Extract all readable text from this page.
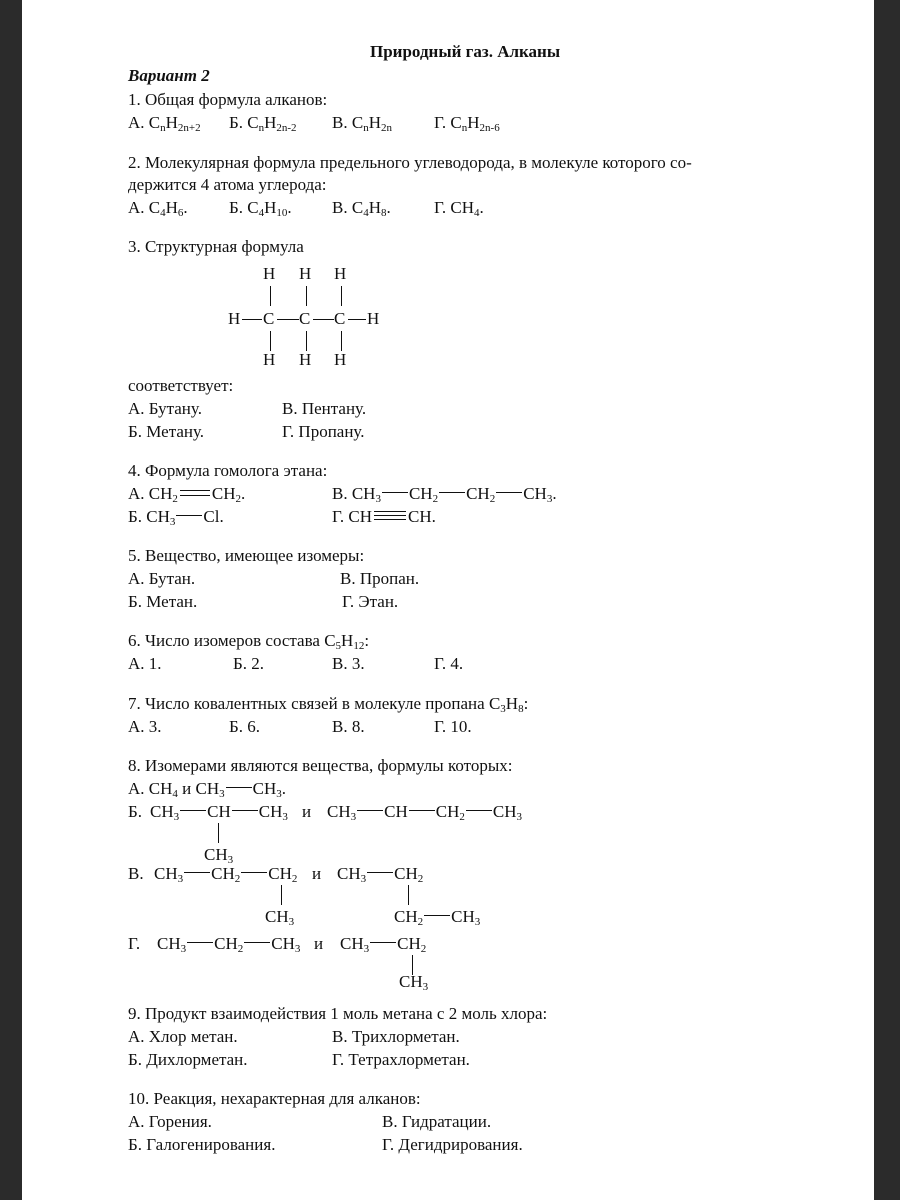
Природный газ. Алканы
Вариант 2
1. Общая формула алканов:
А. $C_nH_{2n+2}$ Б. $C_nH_{2n-2}$ В. $C_nH_{2n}$ Г. $C_nH_{2n-6}$
2. Молекулярная формула предельного углеводорода, в молекуле которого со-
держится 4 атома углерода:
А. $C_4H_6$. Б. $C_4H_{10}$. В. $C_4H_8$.	Г. $CH_4$.
3. Структурная формула
H H H
H C C C H
H H H
соответствует:
А. Бутану.	В. Пентану.
Б. Метану.	Г. Пропану.
4. Формула гомолога этана:
А. $CH_2$ $CH_2$.	В. $CH_3$ $CH_2$ $CH_2$ $CH_3$.
Б. $CH_3$ Cl.	Г. CH CH.
5. Вещество, имеющее изомеры:
А. Бутан.	В. Пропан.
Б. Метан.	Г. Этан.
6. Число изомеров состава $C_5H_{12}$:
А. 1.	Б. 2.	В. 3.	Г. 4.
7. Число ковалентных связей в молекуле пропана $C_3H_8$:
А. 3.	Б. 6.	В. 8.	Г. 10.
8. Изомерами являются вещества, формулы которых:
А. $CH_4$ и $CH_3$ $CH_3$.
Б. $CH_3$ CH $CH_3$
$CH_3$
и $CH_3$ CH $CH_2$ $CH_3$
В. $CH_3$ $CH_2$ $CH_2$
$CH_3$
и $CH_3$ $CH_2$
$CH_2$ $CH_3$
Г. $CH_3$ $CH_2$ $CH_3$ и $CH_3$ $CH_2$
$CH_3$
9. Продукт взаимодействия 1 моль метана с 2 моль хлора:
А. Хлор метан.	В. Трихлорметан.
Б. Дихлорметан.	Г. Тетрахлорметан.
10. Реакция, нехарактерная для алканов:
А. Горения.	В. Гидратации.
Б. Галогенирования.	Г. Дегидрирования.
